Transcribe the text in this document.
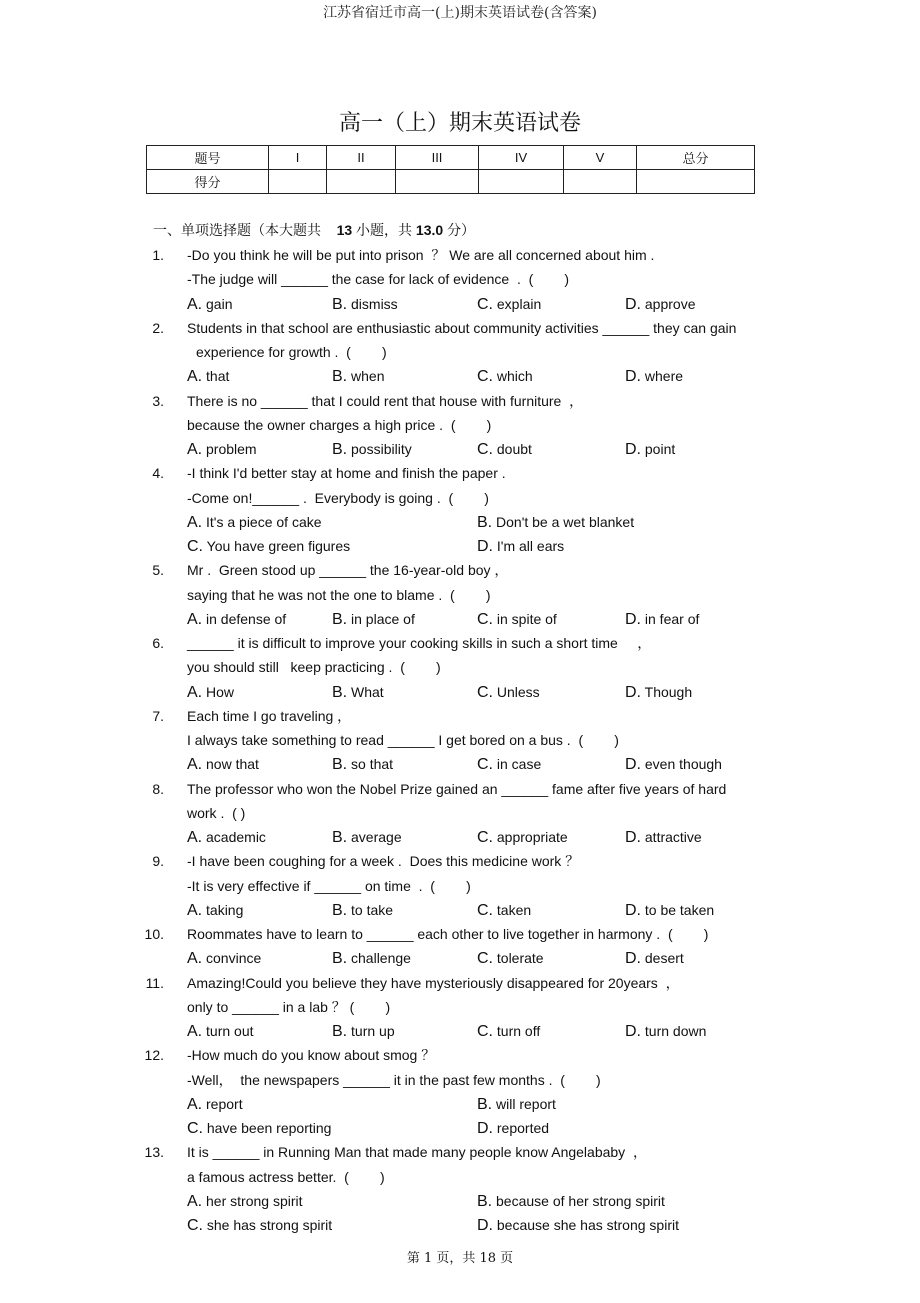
江苏省宿迁市高一(上)期末英语试卷(含答案)
高一（上）期末英语试卷
题号	I	II	III	IV	V	总分
得分						
一、单项选择题（本大题共 13 小题，共 13.0 分）
1. -Do you think he will be put into prison  ？ We are all concerned about him .
-The judge will ______ the case for lack of evidence  .  (        )
A. gain	B. dismiss	C. explain	D. approve
2. Students in that school are enthusiastic about community activities ______ they can gain
experience for growth .  (        )
A. that	B. when	C. which	D. where
3. There is no ______ that I could rent that house with furniture  ，
because the owner charges a high price .  (        )
A. problem	B. possibility	C. doubt	D. point
4. -I think I'd better stay at home and finish the paper .
-Come on!______ .  Everybody is going .  (        )
A. It's a piece of cake	B. Don't be a wet blanket
C. You have green figures	D. I'm all ears
5. Mr .  Green stood up ______ the 16-year-old boy ，
saying that he was not the one to blame .  (        )
A. in defense of	B. in place of	C. in spite of	D. in fear of
6. ______ it is difficult to improve your cooking skills in such a short time     ，
you should still   keep practicing .  (        )
A. How	B. What	C. Unless	D. Though
7. Each time I go traveling ，
I always take something to read ______ I get bored on a bus .  (        )
A. now that	B. so that	C. in case	D. even though
8. The professor who won the Nobel Prize gained an ______ fame after five years of hard
work .  ( )
A. academic	B. average	C. appropriate	D. attractive
9. -I have been coughing for a week .  Does this medicine work ？
-It is very effective if ______ on time  .  (        )
A. taking	B. to take	C. taken	D. to be taken
10. Roommates have to learn to ______ each other to live together in harmony .  (        )
A. convince	B. challenge	C. tolerate	D. desert
11. Amazing!Could you believe they have mysteriously disappeared for 20years  ，
only to ______ in a lab ？ (        )
A. turn out	B. turn up	C. turn off	D. turn down
12. -How much do you know about smog ？
-Well，  the newspapers ______ it in the past few months .  (        )
A. report	B. will report
C. have been reporting	D. reported
13. It is ______ in Running Man that made many people know Angelababy  ，
a famous actress better.  (        )
A. her strong spirit	B. because of her strong spirit
C. she has strong spirit	D. because she has strong spirit
第 1 页，共 18 页
